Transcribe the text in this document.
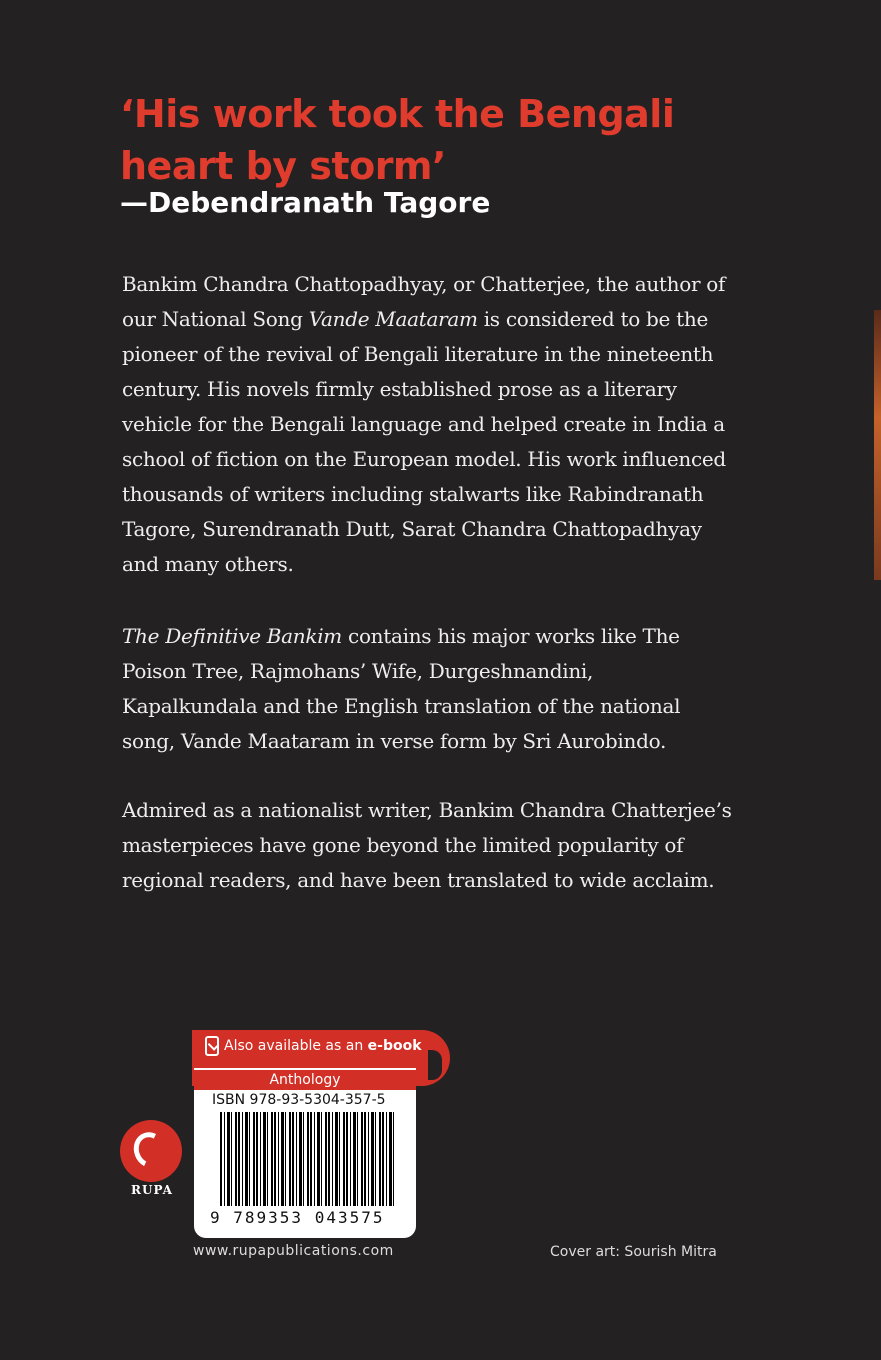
‘His work took the Bengali
heart by storm’

—Debendranath Tagore

Bankim Chandra Chattopadhyay, or Chatterjee, the author of our National Song Vande Maataram is considered to be the pioneer of the revival of Bengali literature in the nineteenth century. His novels firmly established prose as a literary vehicle for the Bengali language and helped create in India a school of fiction on the European model. His work influenced thousands of writers including stalwarts like Rabindranath Tagore, Surendranath Dutt, Sarat Chandra Chattopadhyay
and many others.

The Definitive Bankim contains his major works like The Poison Tree, Rajmohans’ Wife, Durgeshnandini, Kapalkundala and the English translation of the national song, Vande Maataram in verse form by Sri Aurobindo.

Admired as a nationalist writer, Bankim Chandra Chatterjee’s masterpieces have gone beyond the limited popularity of regional readers, and have been translated to wide acclaim.

Also available as an e-book
Anthology
ISBN 978-93-5304-357-5
9 789353 043575
RUPA
www.rupapublications.com	Cover art: Sourish Mitra
